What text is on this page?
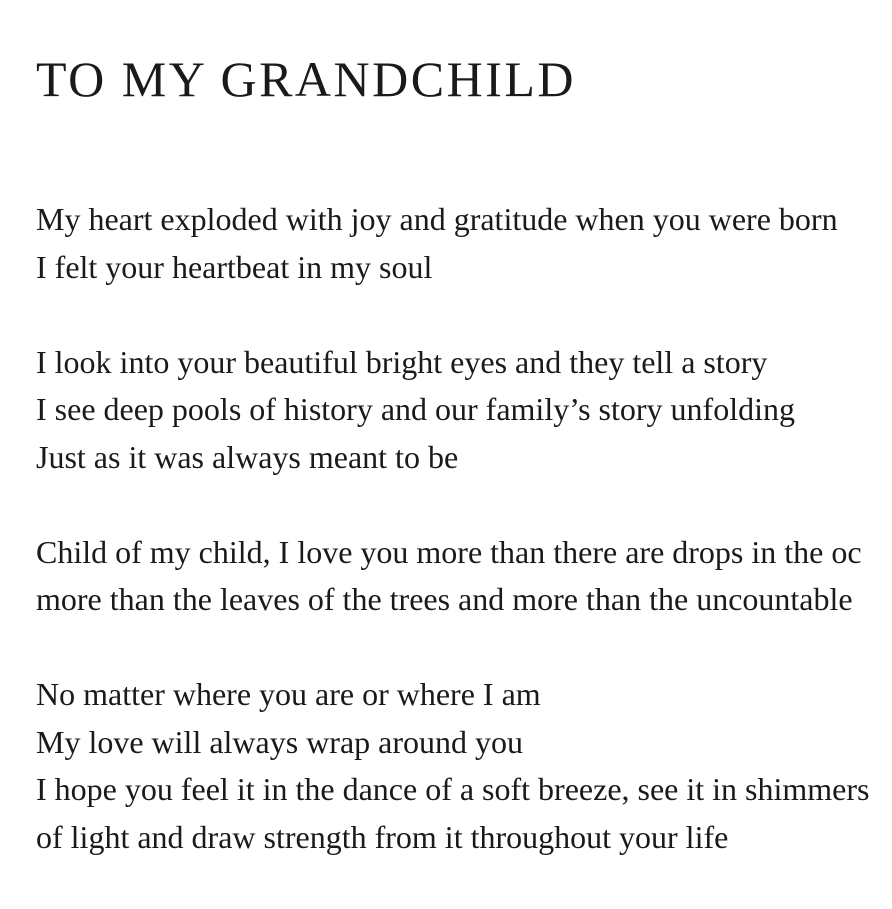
TO MY GRANDCHILD
My heart exploded with joy and gratitude when you were born
I felt your heartbeat in my soul
I look into your beautiful bright eyes and they tell a story
I see deep pools of history and our family’s story unfolding
Just as it was always meant to be
Child of my child, I love you more than there are drops in the oc
more than the leaves of the trees and more than the uncountable
No matter where you are or where I am
My love will always wrap around you
I hope you feel it in the dance of a soft breeze, see it in shimmers
of light and draw strength from it throughout your life
